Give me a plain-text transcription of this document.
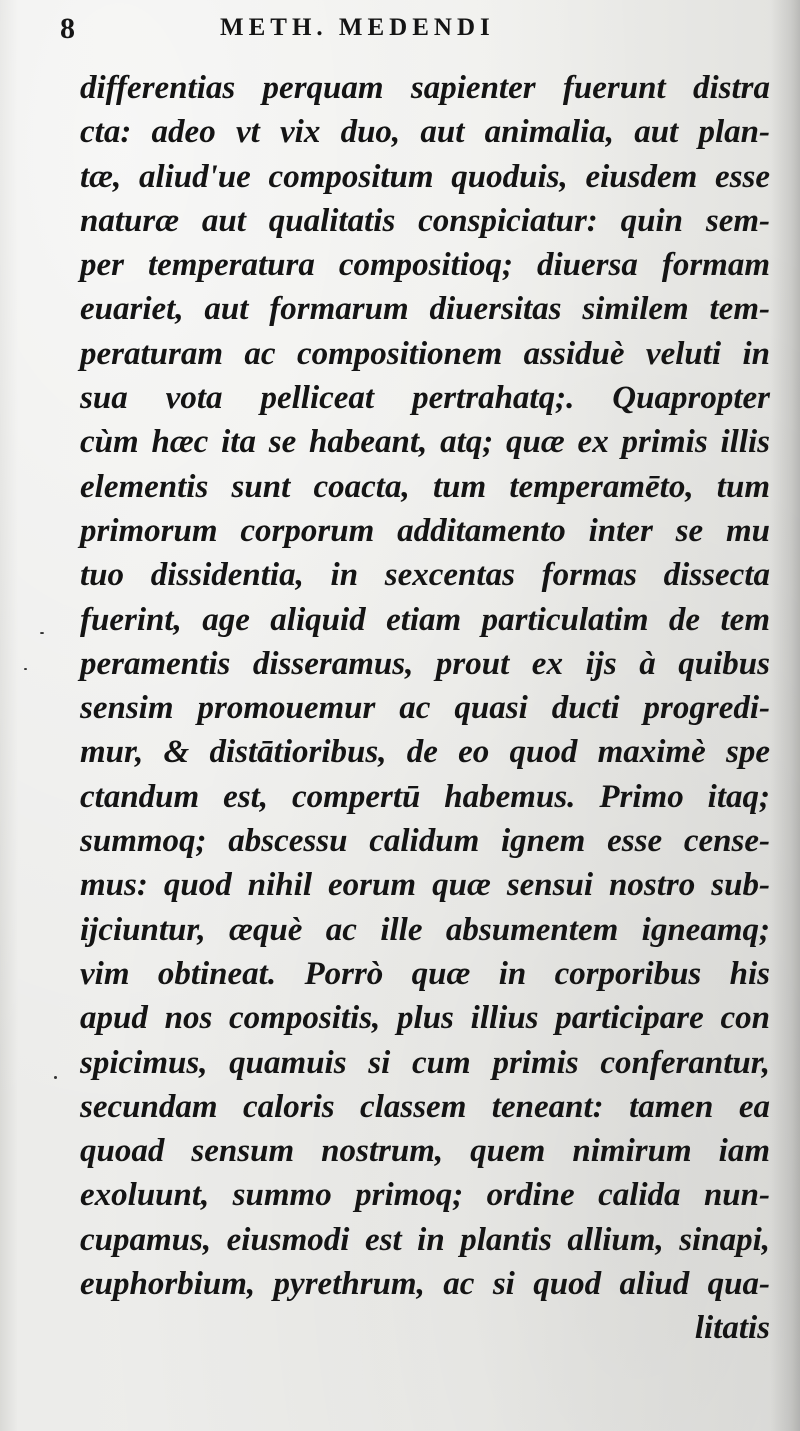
8	METH. MEDENDI
differentias perquam sapienter fuerunt distra
cta: adeo vt vix duo, aut animalia, aut plan-
tæ, aliud'ue compositum quoduis, eiusdem esse
naturæ aut qualitatis conspiciatur: quin sem-
per temperatura compositioq; diuersa formam
euariet, aut formarum diuersitas similem tem-
peraturam ac compositionem assiduè veluti in
sua vota pelliceat pertrahatq;. Quapropter
cùm hæc ita se habeant, atq; quæ ex primis illis
elementis sunt coacta, tum temperamēto, tum
primorum corporum additamento inter se mu
tuo dissidentia, in sexcentas formas dissecta
fuerint, age aliquid etiam particulatim de tem
peramentis disseramus, prout ex ijs à quibus
sensim promouemur ac quasi ducti progredi-
mur, & distātioribus, de eo quod maximè spe
ctandum est, compertū habemus. Primo itaq;
summoq; abscessu calidum ignem esse cense-
mus: quod nihil eorum quæ sensui nostro sub-
ijciuntur, æquè ac ille absumentem igneamq;
vim obtineat. Porrò quæ in corporibus his
apud nos compositis, plus illius participare con
spicimus, quamuis si cum primis conferantur,
secundam caloris classem teneant: tamen ea
quoad sensum nostrum, quem nimirum iam
exoluunt, summo primoq; ordine calida nun-
cupamus, eiusmodi est in plantis allium, sinapi,
euphorbium, pyrethrum, ac si quod aliud qua-
litatis
